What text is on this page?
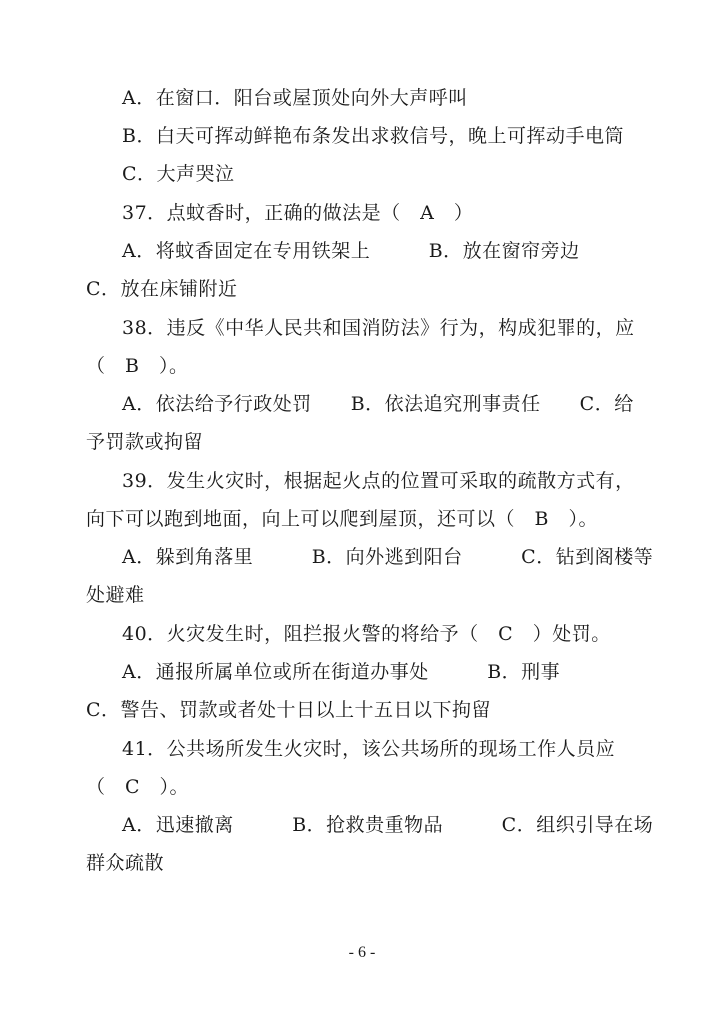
A．在窗口．阳台或屋顶处向外大声呼叫
B．白天可挥动鲜艳布条发出求救信号，晚上可挥动手电筒
C．大声哭泣
37．点蚊香时，正确的做法是（　A　）
A．将蚊香固定在专用铁架上　　　B．放在窗帘旁边
C．放在床铺附近
38．违反《中华人民共和国消防法》行为，构成犯罪的，应
（　B　）。
A．依法给予行政处罚　　B．依法追究刑事责任　　C．给
予罚款或拘留
39．发生火灾时，根据起火点的位置可采取的疏散方式有，
向下可以跑到地面，向上可以爬到屋顶，还可以（　B　）。
A．躲到角落里　　　B．向外逃到阳台　　　C．钻到阁楼等
处避难
40．火灾发生时，阻拦报火警的将给予（　C　）处罚。
A．通报所属单位或所在街道办事处　　　B．刑事
C．警告、罚款或者处十日以上十五日以下拘留
41．公共场所发生火灾时，该公共场所的现场工作人员应
（　C　）。
A．迅速撤离　　　B．抢救贵重物品　　　C．组织引导在场
群众疏散
- 6 -
